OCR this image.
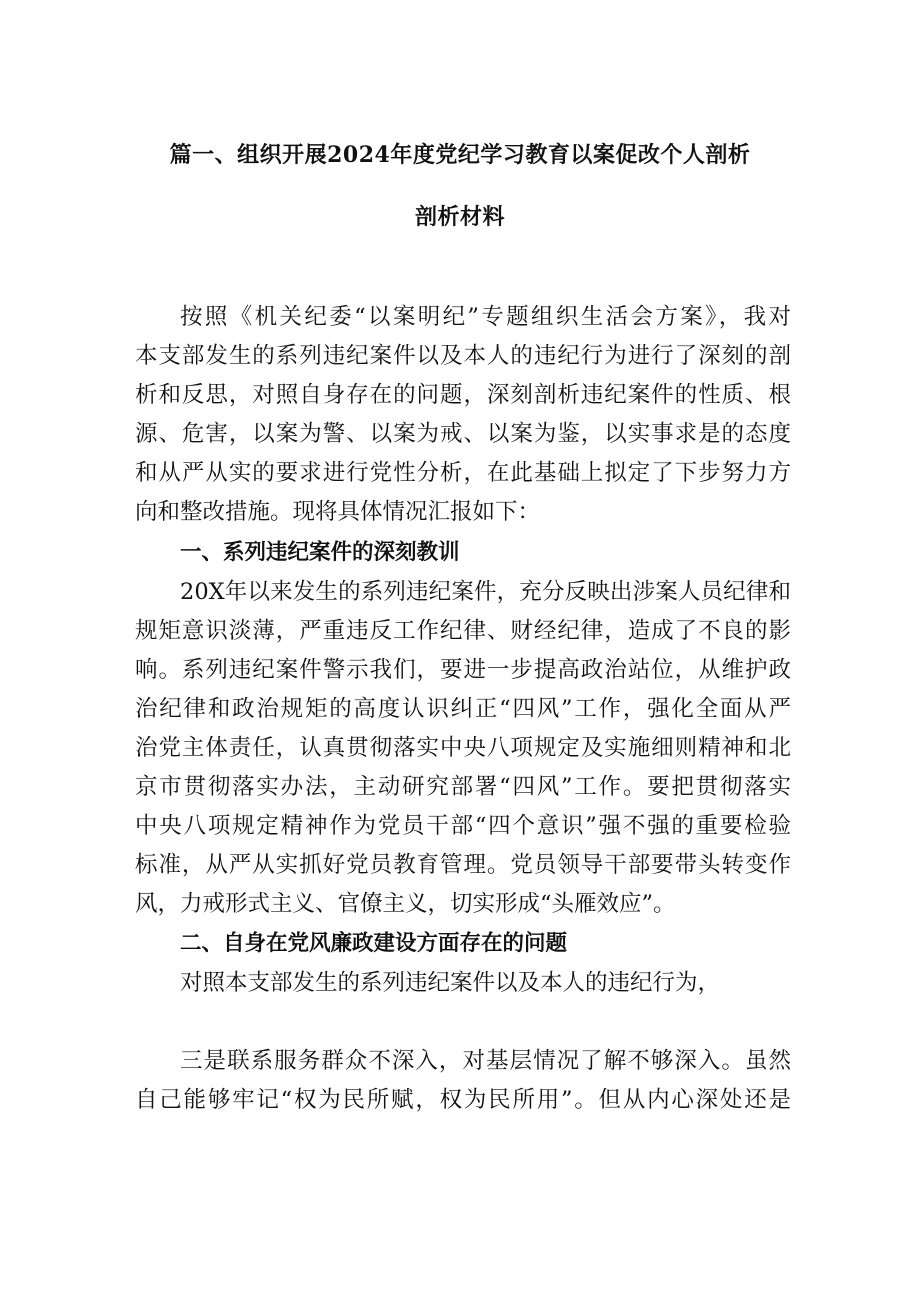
篇一、组织开展2024年度党纪学习教育以案促改个人剖析
剖析材料
按照《机关纪委“以案明纪”专题组织生活会方案》，我对
本支部发生的系列违纪案件以及本人的违纪行为进行了深刻的剖
析和反思，对照自身存在的问题，深刻剖析违纪案件的性质、根
源、危害，以案为警、以案为戒、以案为鉴，以实事求是的态度
和从严从实的要求进行党性分析，在此基础上拟定了下步努力方
向和整改措施。现将具体情况汇报如下：
一、系列违纪案件的深刻教训
20X年以来发生的系列违纪案件，充分反映出涉案人员纪律和
规矩意识淡薄，严重违反工作纪律、财经纪律，造成了不良的影
响。系列违纪案件警示我们，要进一步提高政治站位，从维护政
治纪律和政治规矩的高度认识纠正“四风”工作，强化全面从严
治党主体责任，认真贯彻落实中央八项规定及实施细则精神和北
京市贯彻落实办法，主动研究部署“四风”工作。要把贯彻落实
中央八项规定精神作为党员干部“四个意识”强不强的重要检验
标准，从严从实抓好党员教育管理。党员领导干部要带头转变作
风，力戒形式主义、官僚主义，切实形成“头雁效应”。
二、自身在党风廉政建设方面存在的问题
对照本支部发生的系列违纪案件以及本人的违纪行为，
三是联系服务群众不深入，对基层情况了解不够深入。虽然
自己能够牢记“权为民所赋，权为民所用”。但从内心深处还是
